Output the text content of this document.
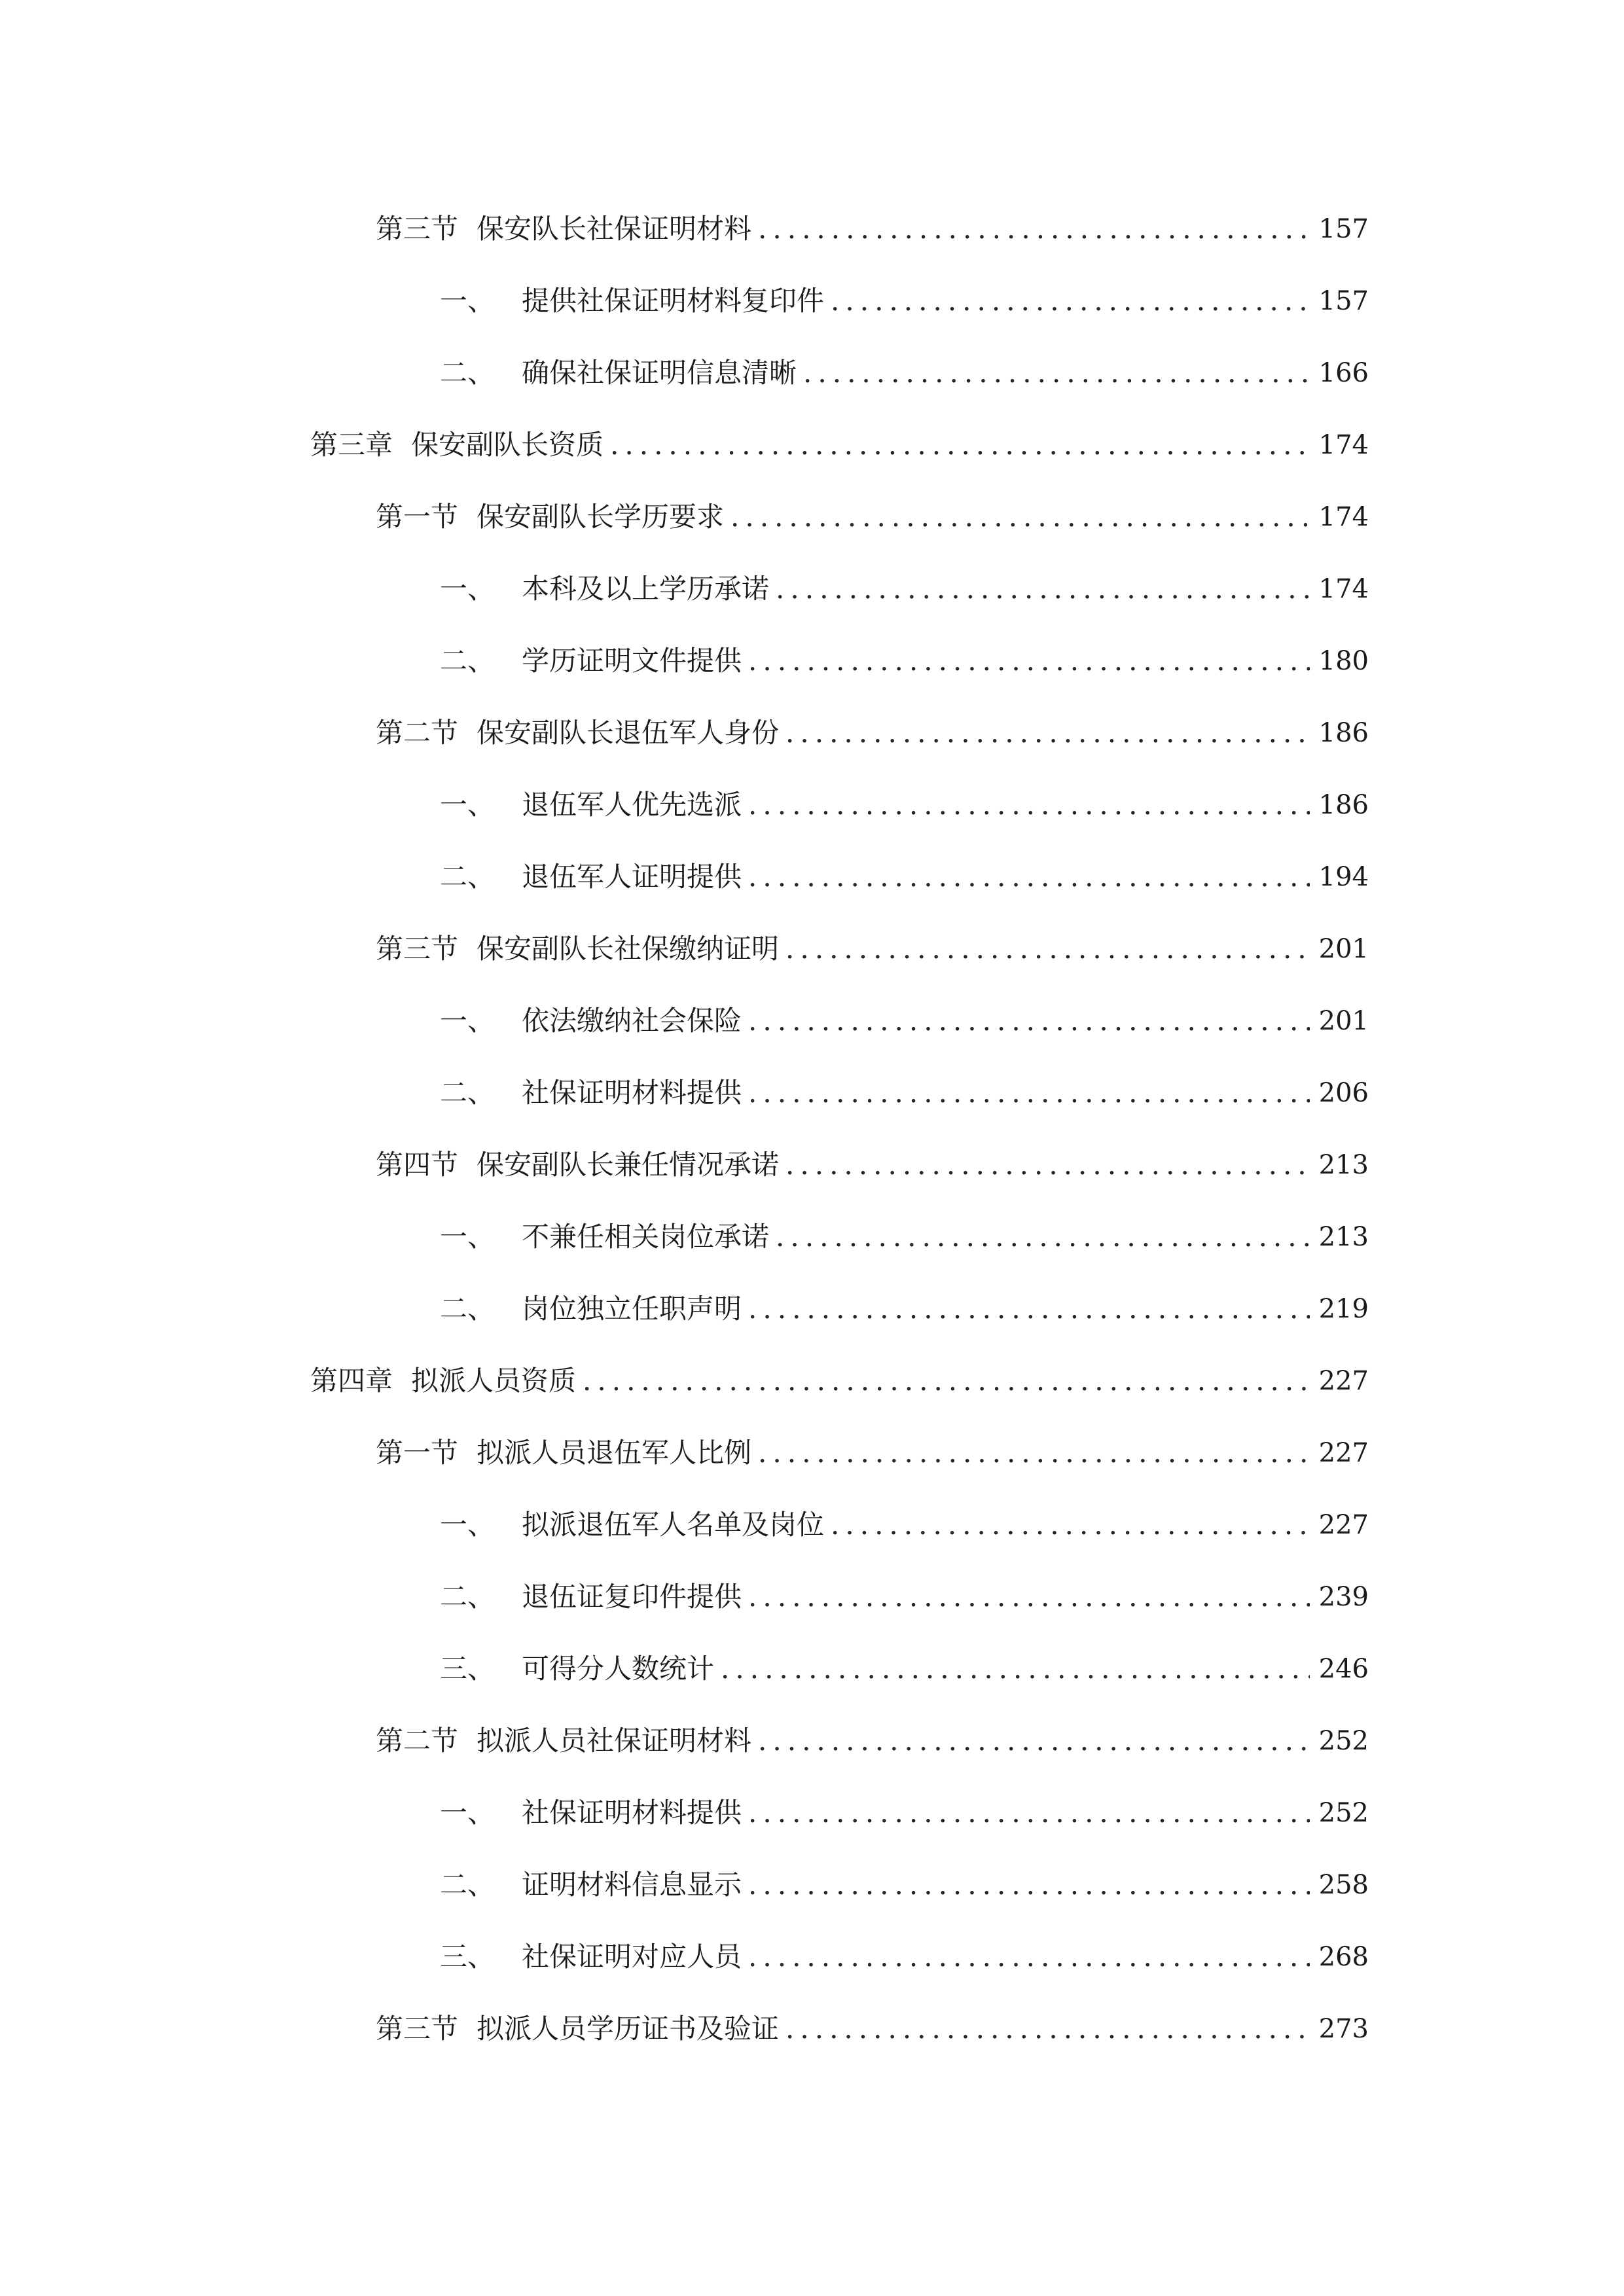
第三节 保安队长社保证明材料 .....	157
一、 提供社保证明材料复印件 .....	157
二、 确保社保证明信息清晰 .....	166
第三章 保安副队长资质 .....	174
第一节 保安副队长学历要求 .....	174
一、 本科及以上学历承诺 .....	174
二、 学历证明文件提供 .....	180
第二节 保安副队长退伍军人身份 .....	186
一、 退伍军人优先选派 .....	186
二、 退伍军人证明提供 .....	194
第三节 保安副队长社保缴纳证明 .....	201
一、 依法缴纳社会保险 .....	201
二、 社保证明材料提供 .....	206
第四节 保安副队长兼任情况承诺 .....	213
一、 不兼任相关岗位承诺 .....	213
二、 岗位独立任职声明 .....	219
第四章 拟派人员资质 .....	227
第一节 拟派人员退伍军人比例 .....	227
一、 拟派退伍军人名单及岗位 .....	227
二、 退伍证复印件提供 .....	239
三、 可得分人数统计 .....	246
第二节 拟派人员社保证明材料 .....	252
一、 社保证明材料提供 .....	252
二、 证明材料信息显示 .....	258
三、 社保证明对应人员 .....	268
第三节 拟派人员学历证书及验证 .....	273
